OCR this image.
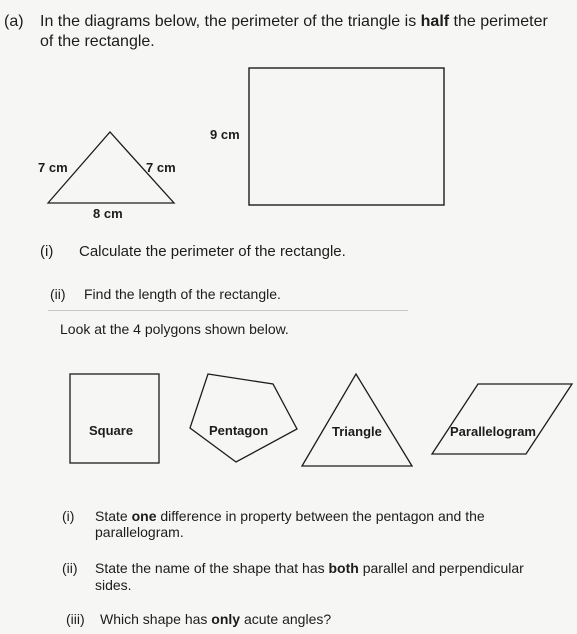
(a) In the diagrams below, the perimeter of the triangle is half the perimeter
of the rectangle.
7 cm	7 cm
8 cm
9 cm
(i) Calculate the perimeter of the rectangle.
(ii) Find the length of the rectangle.
Look at the 4 polygons shown below.
Square	Pentagon	Triangle	Parallelogram
(i) State one difference in property between the pentagon and the
parallelogram.
(ii) State the name of the shape that has both parallel and perpendicular
sides.
(iii) Which shape has only acute angles?
